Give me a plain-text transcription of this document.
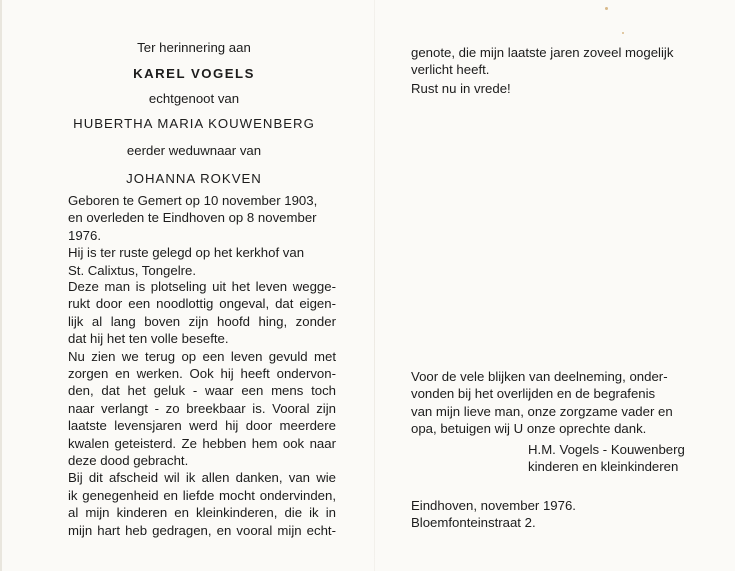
Ter herinnering aan
KAREL VOGELS
echtgenoot van
HUBERTHA MARIA KOUWENBERG
eerder weduwnaar van
JOHANNA ROKVEN
Geboren te Gemert op 10 november 1903,
en overleden te Eindhoven op 8 november
1976.
Hij is ter ruste gelegd op het kerkhof van
St. Calixtus, Tongelre.
Deze man is plotseling uit het leven wegge-
rukt door een noodlottig ongeval, dat eigen-
lijk al lang boven zijn hoofd hing, zonder
dat hij het ten volle besefte.
Nu zien we terug op een leven gevuld met
zorgen en werken. Ook hij heeft ondervon-
den, dat het geluk - waar een mens toch
naar verlangt - zo breekbaar is. Vooral zijn
laatste levensjaren werd hij door meerdere
kwalen geteisterd. Ze hebben hem ook naar
deze dood gebracht.
Bij dit afscheid wil ik allen danken, van wie
ik genegenheid en liefde mocht ondervinden,
al mijn kinderen en kleinkinderen, die ik in
mijn hart heb gedragen, en vooral mijn echt-
genote, die mijn laatste jaren zoveel mogelijk
verlicht heeft.
Rust nu in vrede!
Voor de vele blijken van deelneming, onder-
vonden bij het overlijden en de begrafenis
van mijn lieve man, onze zorgzame vader en
opa, betuigen wij U onze oprechte dank.
H.M. Vogels - Kouwenberg
kinderen en kleinkinderen
Eindhoven, november 1976.
Bloemfonteinstraat 2.
